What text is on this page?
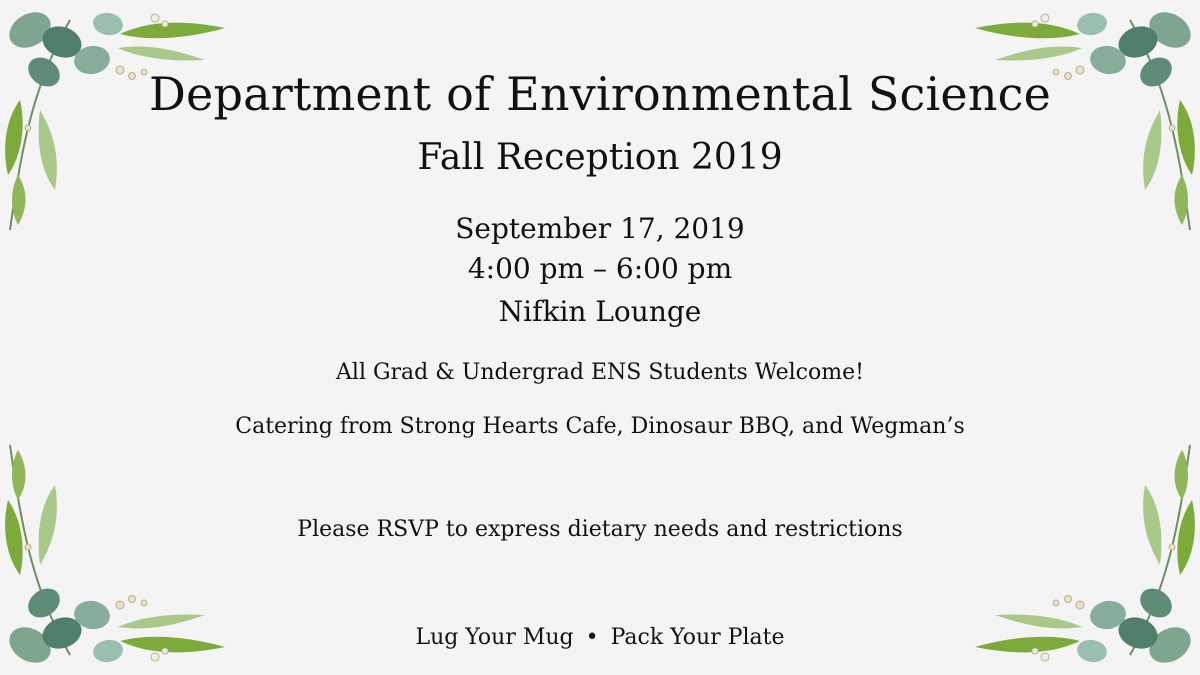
Department of Environmental Science
Fall Reception 2019
September 17, 2019
4:00 pm – 6:00 pm
Nifkin Lounge
All Grad & Undergrad ENS Students Welcome!
Catering from Strong Hearts Cafe, Dinosaur BBQ, and Wegman’s
Please RSVP to express dietary needs and restrictions
Lug Your Mug • Pack Your Plate
